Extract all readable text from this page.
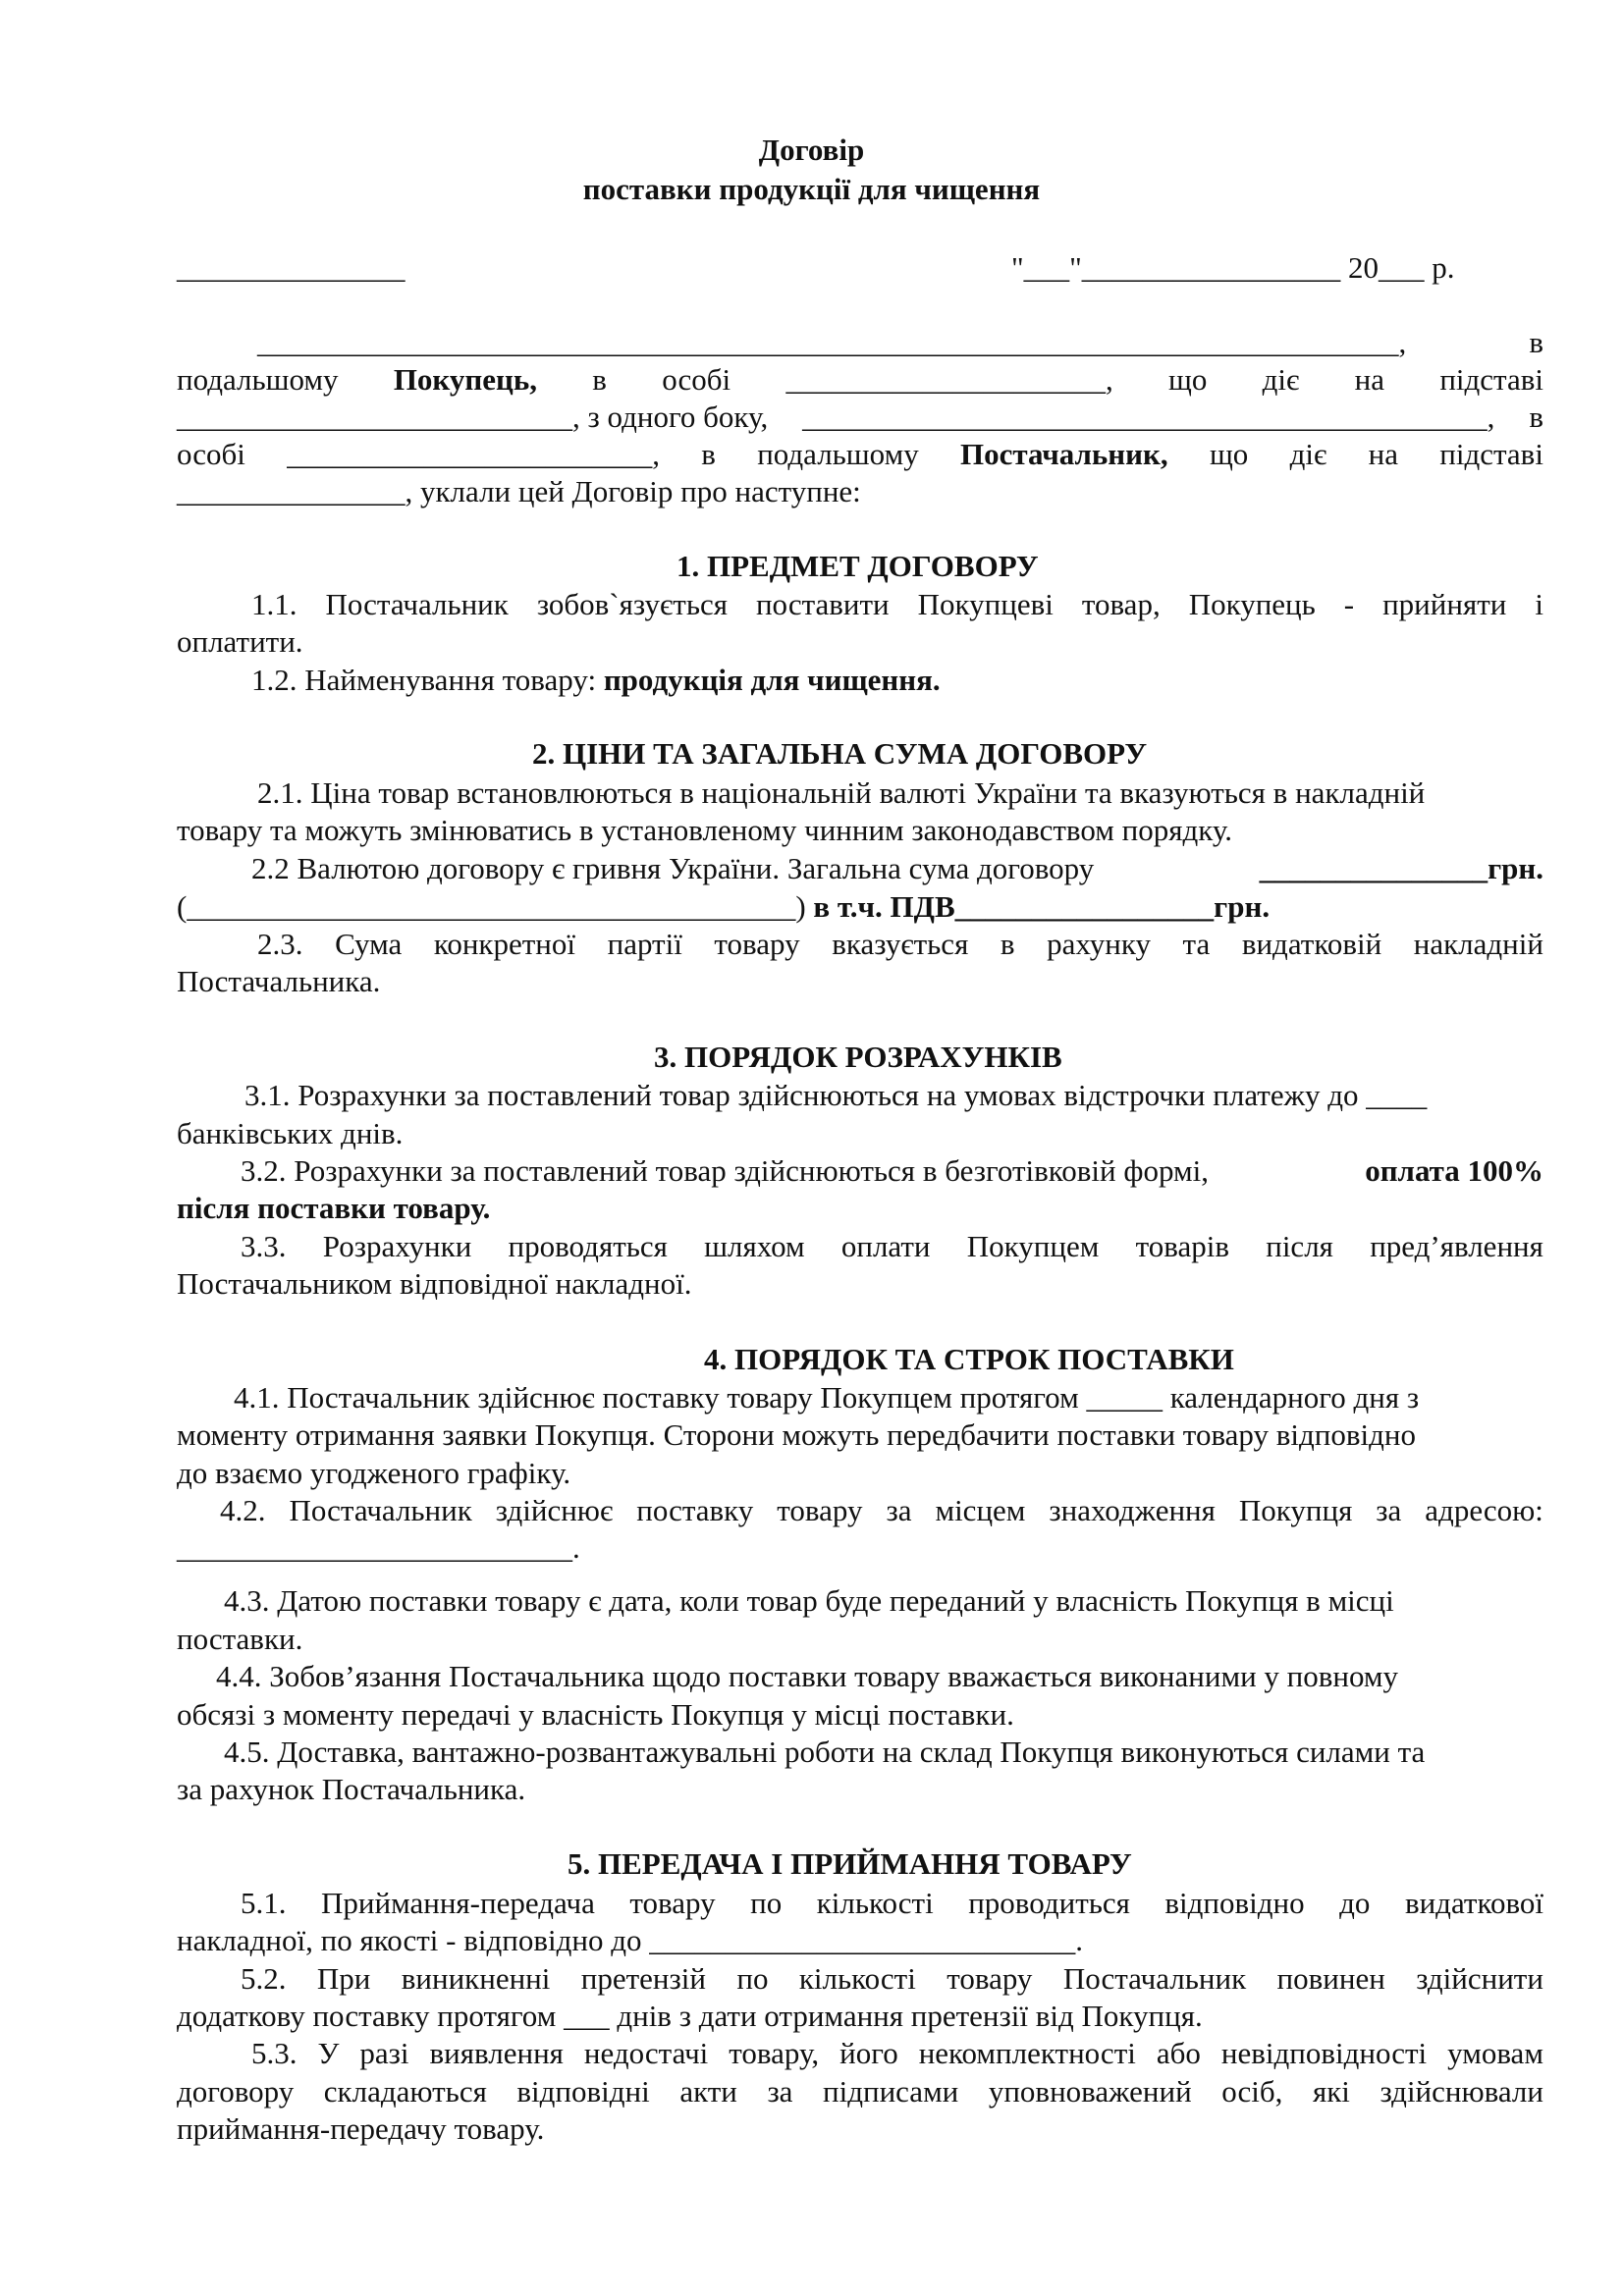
Договір
поставки продукції для чищення
_______________	"___"_________________ 20___ р.
___________________________________________________________________________,	в
подальшому Покупець, в особі _____________________, що діє на підставі
__________________________, з одного боку, _____________________________________________, в
особі ________________________, в подальшому Постачальник, що діє на підставі
_______________, уклали цей Договір про наступне:
1. ПРЕДМЕТ ДОГОВОРУ
1.1. Постачальник зобов`язується поставити Покупцеві товар, Покупець - прийняти і
оплатити.
1.2. Найменування товару: продукція для чищення.
2. ЦІНИ ТА ЗАГАЛЬНА СУМА ДОГОВОРУ
2.1. Ціна товар встановлюються в національній валюті України та вказуються в накладній
товару та можуть змінюватись в установленому чинним законодавством порядку.
2.2 Валютою договору є гривня України. Загальна сума договору	_______________грн.
(________________________________________) в т.ч. ПДВ_________________грн.
2.3. Сума конкретної партії товару вказується в рахунку та видатковій накладній
Постачальника.
3. ПОРЯДОК РОЗРАХУНКІВ
3.1. Розрахунки за поставлений товар здійснюються на умовах відстрочки платежу до ____
банківських днів.
3.2. Розрахунки за поставлений товар здійснюються в безготівковій формі,	оплата 100%
після поставки товару.
3.3. Розрахунки проводяться шляхом оплати Покупцем товарів після пред’явлення
Постачальником відповідної накладної.
4. ПОРЯДОК ТА СТРОК ПОСТАВКИ
4.1. Постачальник здійснює поставку товару Покупцем протягом _____ календарного дня з
моменту отримання заявки Покупця. Сторони можуть передбачити поставки товару відповідно
до взаємо угодженого графіку.
4.2. Постачальник здійснює поставку товару за місцем знаходження Покупця за адресою:
__________________________.
4.3. Датою поставки товару є дата, коли товар буде переданий у власність Покупця в місці
поставки.
4.4. Зобов’язання Постачальника щодо поставки товару вважається виконаними у повному
обсязі з моменту передачі у власність Покупця у місці поставки.
4.5. Доставка, вантажно-розвантажувальні роботи на склад Покупця виконуються силами та
за рахунок Постачальника.
5. ПЕРЕДАЧА І ПРИЙМАННЯ ТОВАРУ
5.1. Приймання-передача товару по кількості проводиться відповідно до видаткової
накладної, по якості - відповідно до ____________________________.
5.2. При виникненні претензій по кількості товару Постачальник повинен здійснити
додаткову поставку протягом ___ днів з дати отримання претензії від Покупця.
5.3. У разі виявлення недостачі товару, його некомплектності або невідповідності умовам
договору складаються відповідні акти за підписами уповноважений осіб, які здійснювали
приймання-передачу товару.
